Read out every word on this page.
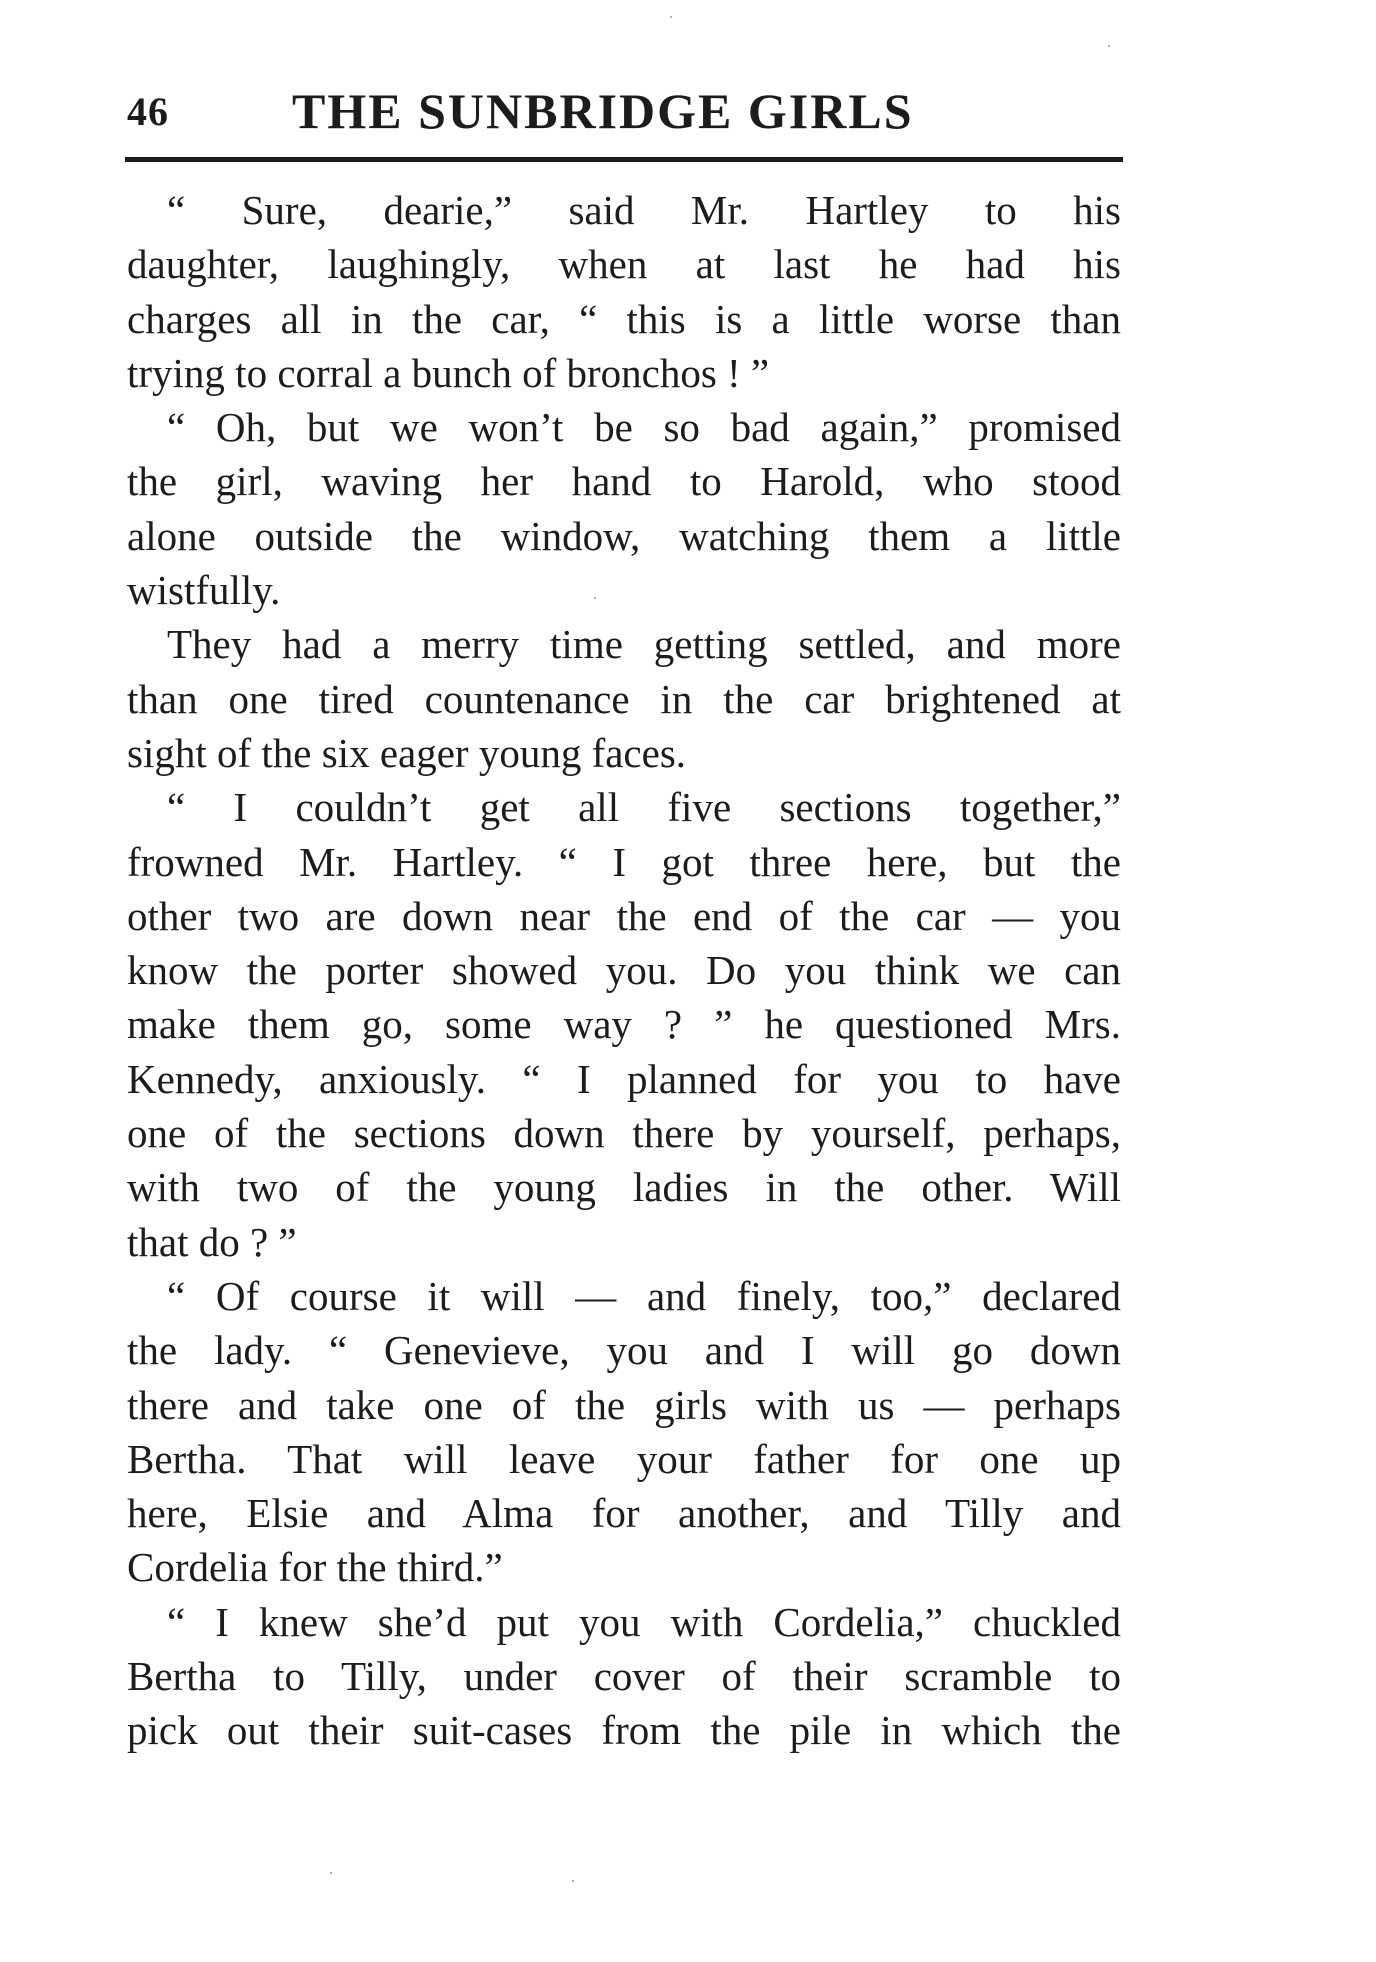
46 THE SUNBRIDGE GIRLS
“ Sure, dearie,” said Mr. Hartley to his
daughter, laughingly, when at last he had his
charges all in the car, “ this is a little worse than
trying to corral a bunch of bronchos ! ”
“ Oh, but we won’t be so bad again,” promised
the girl, waving her hand to Harold, who stood
alone outside the window, watching them a little
wistfully.
They had a merry time getting settled, and more
than one tired countenance in the car brightened at
sight of the six eager young faces.
“ I couldn’t get all five sections together,”
frowned Mr. Hartley. “ I got three here, but the
other two are down near the end of the car — you
know the porter showed you. Do you think we can
make them go, some way ? ” he questioned Mrs.
Kennedy, anxiously. “ I planned for you to have
one of the sections down there by yourself, perhaps,
with two of the young ladies in the other. Will
that do ? ”
“ Of course it will — and finely, too,” declared
the lady. “ Genevieve, you and I will go down
there and take one of the girls with us — perhaps
Bertha. That will leave your father for one up
here, Elsie and Alma for another, and Tilly and
Cordelia for the third.”
“ I knew she’d put you with Cordelia,” chuckled
Bertha to Tilly, under cover of their scramble to
pick out their suit-cases from the pile in which the
